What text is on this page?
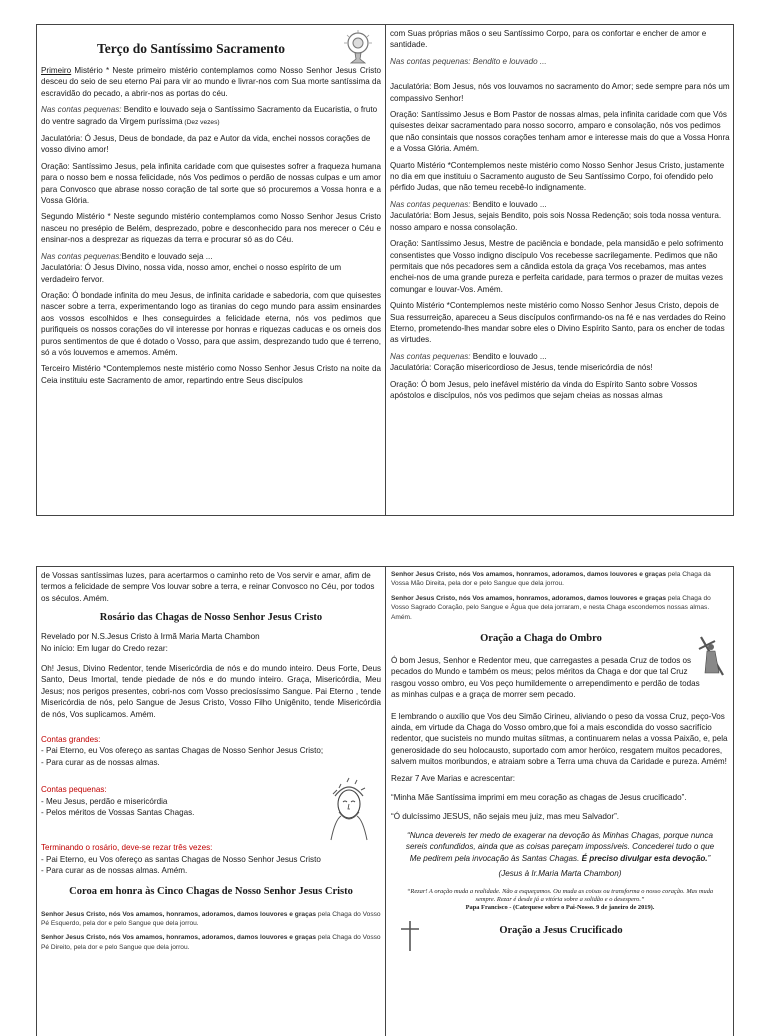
Terço do Santíssimo Sacramento

Primeiro Mistério * Neste primeiro mistério contemplamos como Nosso Senhor Jesus Cristo desceu do seio de seu eterno Pai para vir ao mundo e livrar-nos com Sua morte santíssima da escravidão do pecado, a abrir-nos as portas do céu.

Nas contas pequenas: Bendito e louvado seja o Santíssimo Sacramento da Eucaristia, o fruto do ventre sagrado da Virgem puríssima (Dez vezes)

Jaculatória: Ó Jesus, Deus de bondade, da paz e Autor da vida, enchei nossos corações de vosso divino amor!

Oração: Santíssimo Jesus, pela infinita caridade com que quisestes sofrer a fraqueza humana para o nosso bem e nossa felicidade, nós Vos pedimos o perdão de nossas culpas e um amor para Convosco que abrase nosso coração de tal sorte que só procuremos a Vossa honra e a Vossa Glória.

Segundo Mistério * Neste segundo mistério contemplamos como Nosso Senhor Jesus Cristo nasceu no presépio de Belém, desprezado, pobre e desconhecido para nos merecer o Céu e ensinar-nos a desprezar as riquezas da terra e procurar só as do Céu.

Nas contas pequenas:Bendito e louvado seja ...

Jaculatória: Ó Jesus Divino, nossa vida, nosso amor, enchei o nosso espírito de um verdadeiro fervor.

Oração: Ó bondade infinita do meu Jesus, de infinita caridade e sabedoria, com que quisestes nascer sobre a terra, experimentando logo as tiranias do cego mundo para assim ensinardes aos vossos escolhidos e lhes conseguirdes a felicidade eterna, nós vos pedimos que purifiqueis os nossos corações do vil interesse por honras e riquezas caducas e os orneis dos puros sentimentos de que é dotado o Vosso, para que assim, desprezando tudo que é terreno, só a vós louvemos e amemos. Amém.

Terceiro Mistério *Contemplemos neste mistério como Nosso Senhor Jesus Cristo na noite da Ceia instituiu este Sacramento de amor, repartindo entre Seus discípulos

com Suas próprias mãos o seu Santíssimo Corpo, para os confortar e encher de amor e santidade.

Nas contas pequenas: Bendito e louvado ...

Jaculatória: Bom Jesus, nós vos louvamos no sacramento do Amor; sede sempre para nós um compassivo Senhor!

Oração: Santíssimo Jesus e Bom Pastor de nossas almas, pela infinita caridade com que Vós quisestes deixar sacramentado para nosso socorro, amparo e consolação, nós vos pedimos que não consintais que nossos corações tenham amor e interesse mais do que a Vossa Honra e a Vossa Glória. Amém.

Quarto Mistério *Contemplemos neste mistério como Nosso Senhor Jesus Cristo, justamente no dia em que instituiu o Sacramento augusto de Seu Santíssimo Corpo, foi ofendido pelo pérfido Judas, que não temeu recebê-lo indignamente.

Nas contas pequenas: Bendito e louvado ...

Jaculatória: Bom Jesus, sejais Bendito, pois sois Nossa Redenção; sois toda nossa ventura. nosso amparo e nossa consolação.

Oração: Santíssimo Jesus, Mestre de paciência e bondade, pela mansidão e pelo sofrimento consentistes que Vosso indigno discípulo Vos recebesse sacrilegamente. Pedimos que não permitais que nós pecadores sem a cândida estola da graça Vos recebamos, mas antes enchei-nos de uma grande pureza e perfeita caridade, para termos o prazer de muitas vezes comungar e louvar-Vos. Amém.

Quinto Mistério *Contemplemos neste mistério como Nosso Senhor Jesus Cristo, depois de Sua ressurreição, apareceu a Seus discípulos confirmando-os na fé e nas verdades do Reino Eterno, prometendo-lhes mandar sobre eles o Divino Espírito Santo, para os encher de todas as virtudes.

Nas contas pequenas: Bendito e louvado ...

Jaculatória: Coração misericordioso de Jesus, tende misericórdia de nós!

Oração: Ó bom Jesus, pelo inefável mistério da vinda do Espírito Santo sobre Vossos apóstolos e discípulos, nós vos pedimos que sejam cheias as nossas almas

de Vossas santíssimas luzes, para acertarmos o caminho reto de Vos servir e amar, afim de termos a felicidade de sempre Vos louvar sobre a terra, e reinar Convosco no Céu, por todos os séculos. Amém.

Rosário das Chagas de Nosso Senhor Jesus Cristo

Revelado por N.S.Jesus Cristo à Irmã Maria Marta Chambon

No início: Em lugar do Credo rezar:

Oh! Jesus, Divino Redentor, tende Misericórdia de nós e do mundo inteiro. Deus Forte, Deus Santo, Deus Imortal, tende piedade de nós e do mundo inteiro. Graça, Misericórdia, Meu Jesus; nos perigos presentes, cobri-nos com Vosso preciosíssimo Sangue. Pai Eterno , tende Misericórdia de nós, pelo Sangue de Jesus Cristo, Vosso Filho Unigênito, tende Misericórdia de nós, Vos suplicamos. Amém.

Contas grandes:

- Pai Eterno, eu Vos ofereço as santas Chagas de Nosso Senhor Jesus Cristo;

- Para curar as de nossas almas.

Contas pequenas:

- Meu Jesus, perdão e misericórdia

- Pelos méritos de Vossas Santas Chagas.

Terminando o rosário, deve-se rezar três vezes:

- Pai Eterno, eu Vos ofereço as santas Chagas de Nosso Senhor Jesus Cristo

- Para curar as de nossas almas. Amém.

Coroa em honra às Cinco Chagas de Nosso Senhor Jesus Cristo

Senhor Jesus Cristo, nós Vos amamos, honramos, adoramos, damos louvores e graças pela Chaga do Vosso Pé Esquerdo, pela dor e pelo Sangue que dela jorrou.

Senhor Jesus Cristo, nós Vos amamos, honramos, adoramos, damos louvores e graças pela Chaga do Vosso Pé Direito, pela dor e pelo Sangue que dela jorrou.

Senhor Jesus Cristo, nós Vos amamos, honramos, adoramos, damos louvores e graças pela Chaga da Vossa Mão Direita, pela dor e pelo Sangue que dela jorrou.

Senhor Jesus Cristo, nós Vos amamos, honramos, adoramos, damos louvores e graças pela Chaga do Vosso Sagrado Coração, pelo Sangue e Água que dela jorraram, e nesta Chaga escondemos nossas almas. Amém.

Oração a Chaga do Ombro

Ó bom Jesus, Senhor e Redentor meu, que carregastes a pesada Cruz de todos os pecados do Mundo e também os meus; pelos méritos da Chaga e dor que tal Cruz rasgou vosso ombro, eu Vos peço humildemente o arrependimento e perdão de todas as minhas culpas e a graça de morrer sem pecado.

E lembrando o auxílio que Vos deu Simão Cirineu, aliviando o peso da vossa Cruz, peço-Vos ainda, em virtude da Chaga do Vosso ombro,que foi a mais escondida do vosso sacrifício redentor, que sucisteis no mundo muitas síitmas, a continuarem nelas a vossa Paixão, e, pela generosidade do seu holocausto, suportado com amor heróico, resgatem muitos pecadores, salvem muitos moribundos, e atraiam sobre a Terra uma chuva da Caridade e pureza. Amém!

Rezar 7 Ave Marias e acrescentar:

“Minha Mãe Santíssima imprimi em meu coração as chagas de Jesus crucificado”.

“Ó dulcíssimo JESUS, não sejais meu juiz, mas meu Salvador”.

“Nunca devereis ter medo de exagerar na devoção às Minhas Chagas, porque nunca sereis confundidos, ainda que as coisas pareçam impossíveis. Concederei tudo o que Me pedirem pela invocação às Santas Chagas. É preciso divulgar esta devoção.”

(Jesus à Ir.Maria Marta Chambon)

“Rezar! A oração muda a realidade. Não a esqueçamos. Ou muda as coisas ou transforma o nosso coração. Mas muda sempre. Rezar é desde já a vitória sobre a solidão e o desespero.”

Papa Francisco - (Catequese sobre o Pai-Nosso. 9 de janeiro de 2019).

Oração a Jesus Crucificado
